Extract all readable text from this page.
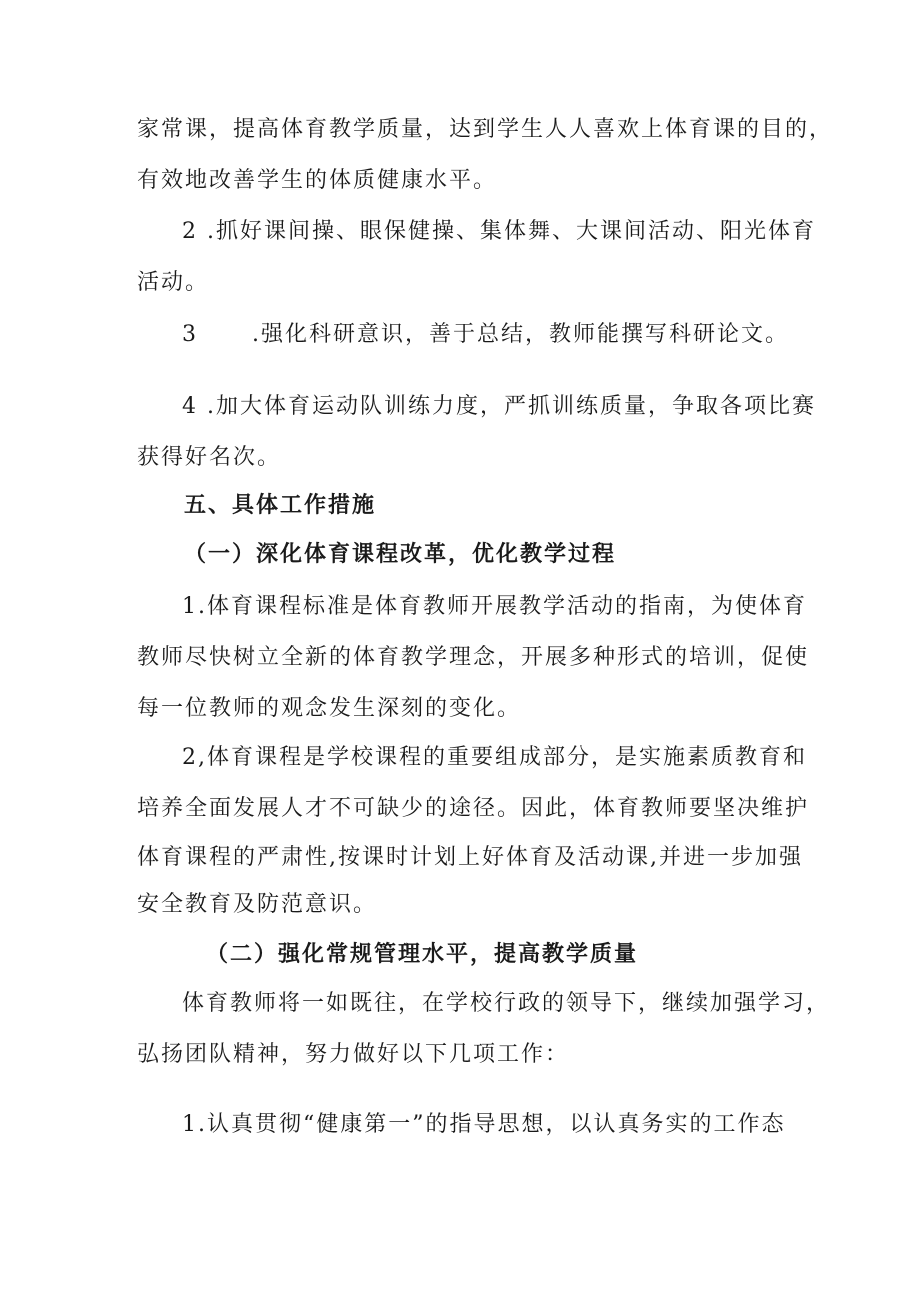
家常课，提高体育教学质量，达到学生人人喜欢上体育课的目的，
有效地改善学生的体质健康水平。
2 .抓好课间操、眼保健操、集体舞、大课间活动、阳光体育
活动。
3      .强化科研意识，善于总结，教师能撰写科研论文。
4 .加大体育运动队训练力度，严抓训练质量，争取各项比赛
获得好名次。
五、具体工作措施
（一）深化体育课程改革，优化教学过程
1.体育课程标准是体育教师开展教学活动的指南，为使体育
教师尽快树立全新的体育教学理念，开展多种形式的培训，促使
每一位教师的观念发生深刻的变化。
2,体育课程是学校课程的重要组成部分，是实施素质教育和
培养全面发展人才不可缺少的途径。因此，体育教师要坚决维护
体育课程的严肃性,按课时计划上好体育及活动课,并进一步加强
安全教育及防范意识。
（二）强化常规管理水平，提高教学质量
体育教师将一如既往，在学校行政的领导下，继续加强学习，
弘扬团队精神，努力做好以下几项工作：
1.认真贯彻“健康第一”的指导思想，以认真务实的工作态
